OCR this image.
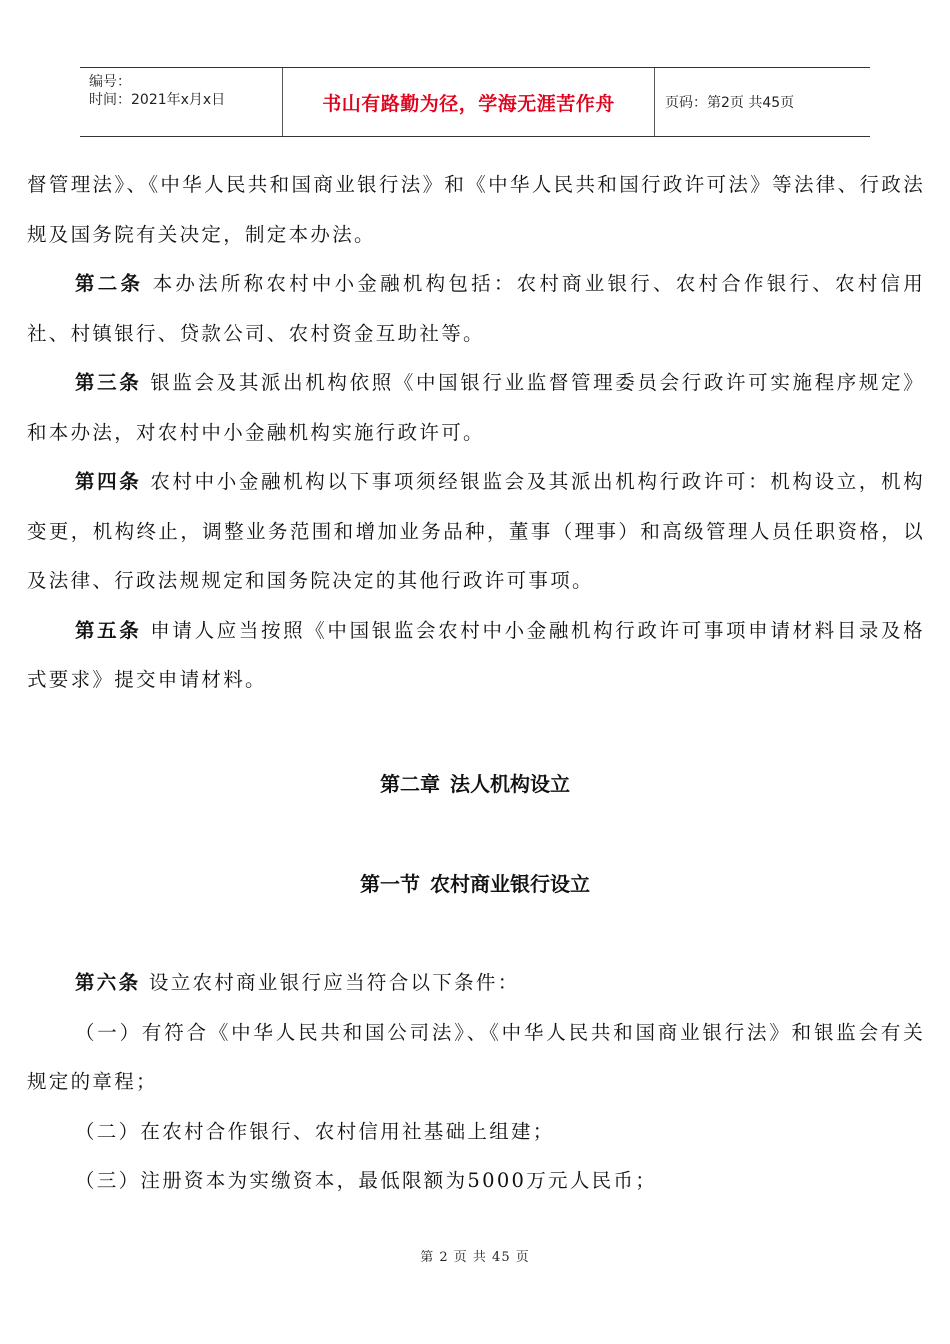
编号：
时间：2021年x月x日	书山有路勤为径，学海无涯苦作舟	页码：第2页 共45页

督管理法》、《中华人民共和国商业银行法》和《中华人民共和国行政许可法》等法律、行政法规及国务院有关决定，制定本办法。

第二条 本办法所称农村中小金融机构包括：农村商业银行、农村合作银行、农村信用社、村镇银行、贷款公司、农村资金互助社等。

第三条 银监会及其派出机构依照《中国银行业监督管理委员会行政许可实施程序规定》和本办法，对农村中小金融机构实施行政许可。

第四条 农村中小金融机构以下事项须经银监会及其派出机构行政许可：机构设立，机构变更，机构终止，调整业务范围和增加业务品种，董事（理事）和高级管理人员任职资格，以及法律、行政法规规定和国务院决定的其他行政许可事项。

第五条 申请人应当按照《中国银监会农村中小金融机构行政许可事项申请材料目录及格式要求》提交申请材料。

第二章 法人机构设立
第一节 农村商业银行设立

第六条 设立农村商业银行应当符合以下条件：

（一）有符合《中华人民共和国公司法》、《中华人民共和国商业银行法》和银监会有关规定的章程；

（二）在农村合作银行、农村信用社基础上组建；

（三）注册资本为实缴资本，最低限额为5000万元人民币；

第 2 页 共 45 页
